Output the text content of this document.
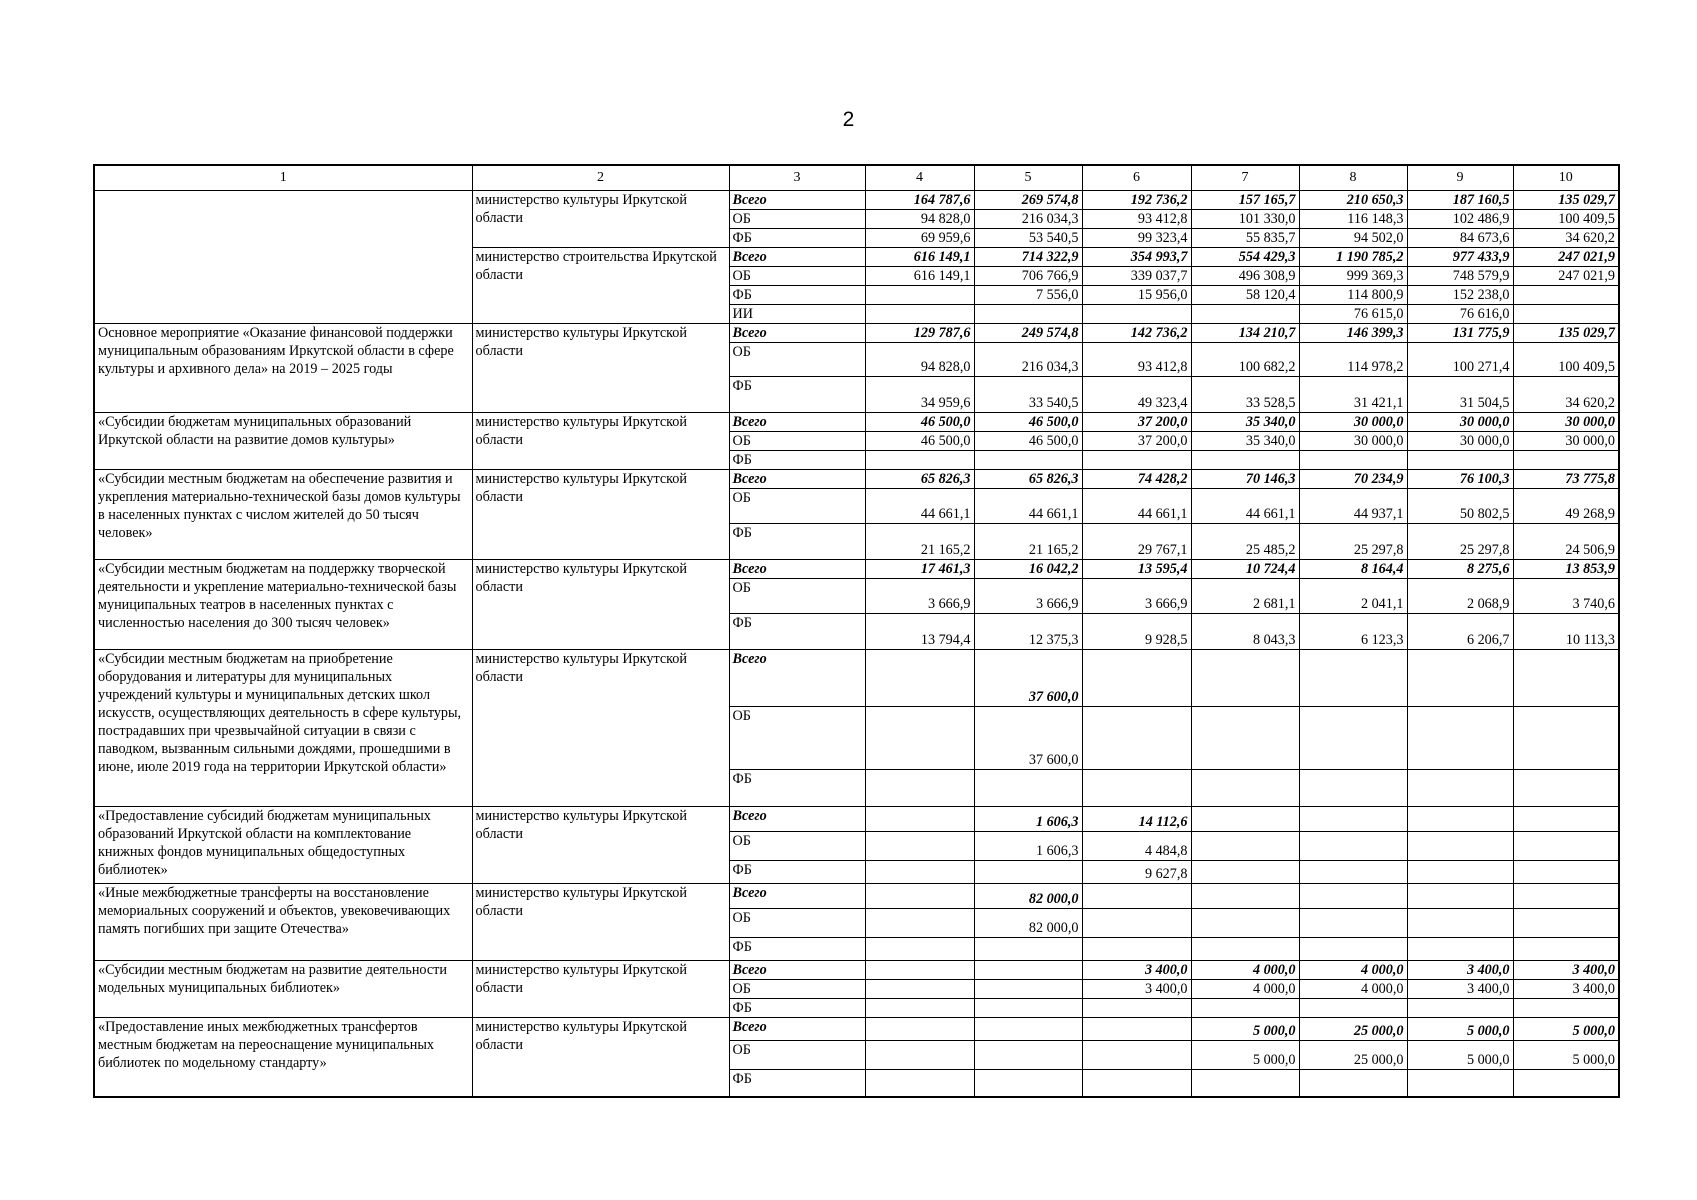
2
1	2	3	4	5	6	7	8	9	10
	министерство культуры Иркутской области	Всего	164 787,6	269 574,8	192 736,2	157 165,7	210 650,3	187 160,5	135 029,7
		ОБ	94 828,0	216 034,3	93 412,8	101 330,0	116 148,3	102 486,9	100 409,5
		ФБ	69 959,6	53 540,5	99 323,4	55 835,7	94 502,0	84 673,6	34 620,2
	министерство строительства Иркутской области	Всего	616 149,1	714 322,9	354 993,7	554 429,3	1 190 785,2	977 433,9	247 021,9
		ОБ	616 149,1	706 766,9	339 037,7	496 308,9	999 369,3	748 579,9	247 021,9
		ФБ		7 556,0	15 956,0	58 120,4	114 800,9	152 238,0	
		ИИ					76 615,0	76 616,0	
Основное мероприятие «Оказание финансовой поддержки муниципальным образованиям Иркутской области в сфере культуры и архивного дела» на 2019 – 2025 годы	министерство культуры Иркутской области	Всего	129 787,6	249 574,8	142 736,2	134 210,7	146 399,3	131 775,9	135 029,7
		ОБ	94 828,0	216 034,3	93 412,8	100 682,2	114 978,2	100 271,4	100 409,5
		ФБ	34 959,6	33 540,5	49 323,4	33 528,5	31 421,1	31 504,5	34 620,2
«Субсидии бюджетам муниципальных образований Иркутской области на развитие домов культуры»	министерство культуры Иркутской области	Всего	46 500,0	46 500,0	37 200,0	35 340,0	30 000,0	30 000,0	30 000,0
		ОБ	46 500,0	46 500,0	37 200,0	35 340,0	30 000,0	30 000,0	30 000,0
		ФБ							
«Субсидии местным бюджетам на обеспечение развития и укрепления материально-технической базы домов культуры в населенных пунктах с числом жителей до 50 тысяч человек»	министерство культуры Иркутской области	Всего	65 826,3	65 826,3	74 428,2	70 146,3	70 234,9	76 100,3	73 775,8
		ОБ	44 661,1	44 661,1	44 661,1	44 661,1	44 937,1	50 802,5	49 268,9
		ФБ	21 165,2	21 165,2	29 767,1	25 485,2	25 297,8	25 297,8	24 506,9
«Субсидии местным бюджетам на поддержку творческой деятельности и укрепление материально-технической базы муниципальных театров в населенных пунктах с численностью населения до 300 тысяч человек»	министерство культуры Иркутской области	Всего	17 461,3	16 042,2	13 595,4	10 724,4	8 164,4	8 275,6	13 853,9
		ОБ	3 666,9	3 666,9	3 666,9	2 681,1	2 041,1	2 068,9	3 740,6
		ФБ	13 794,4	12 375,3	9 928,5	8 043,3	6 123,3	6 206,7	10 113,3
«Субсидии местным бюджетам на приобретение оборудования и литературы для муниципальных учреждений культуры и муниципальных детских школ искусств, осуществляющих деятельность в сфере культуры, пострадавших при чрезвычайной ситуации в связи с паводком, вызванным сильными дождями, прошедшими в июне, июле 2019 года на территории Иркутской области»	министерство культуры Иркутской области	Всего		37 600,0					
		ОБ		37 600,0					
		ФБ							
«Предоставление субсидий бюджетам муниципальных образований Иркутской области на комплектование книжных фондов муниципальных общедоступных библиотек»	министерство культуры Иркутской области	Всего		1 606,3	14 112,6				
		ОБ		1 606,3	4 484,8				
		ФБ			9 627,8				
«Иные межбюджетные трансферты на восстановление мемориальных сооружений и объектов, увековечивающих память погибших при защите Отечества»	министерство культуры Иркутской области	Всего		82 000,0					
		ОБ		82 000,0					
		ФБ							
«Субсидии местным бюджетам на развитие деятельности модельных муниципальных библиотек»	министерство культуры Иркутской области	Всего			3 400,0	4 000,0	4 000,0	3 400,0	3 400,0
		ОБ			3 400,0	4 000,0	4 000,0	3 400,0	3 400,0
		ФБ							
«Предоставление иных межбюджетных трансфертов местным бюджетам на переоснащение муниципальных библиотек по модельному стандарту»	министерство культуры Иркутской области	Всего				5 000,0	25 000,0	5 000,0	5 000,0
		ОБ				5 000,0	25 000,0	5 000,0	5 000,0
		ФБ							
